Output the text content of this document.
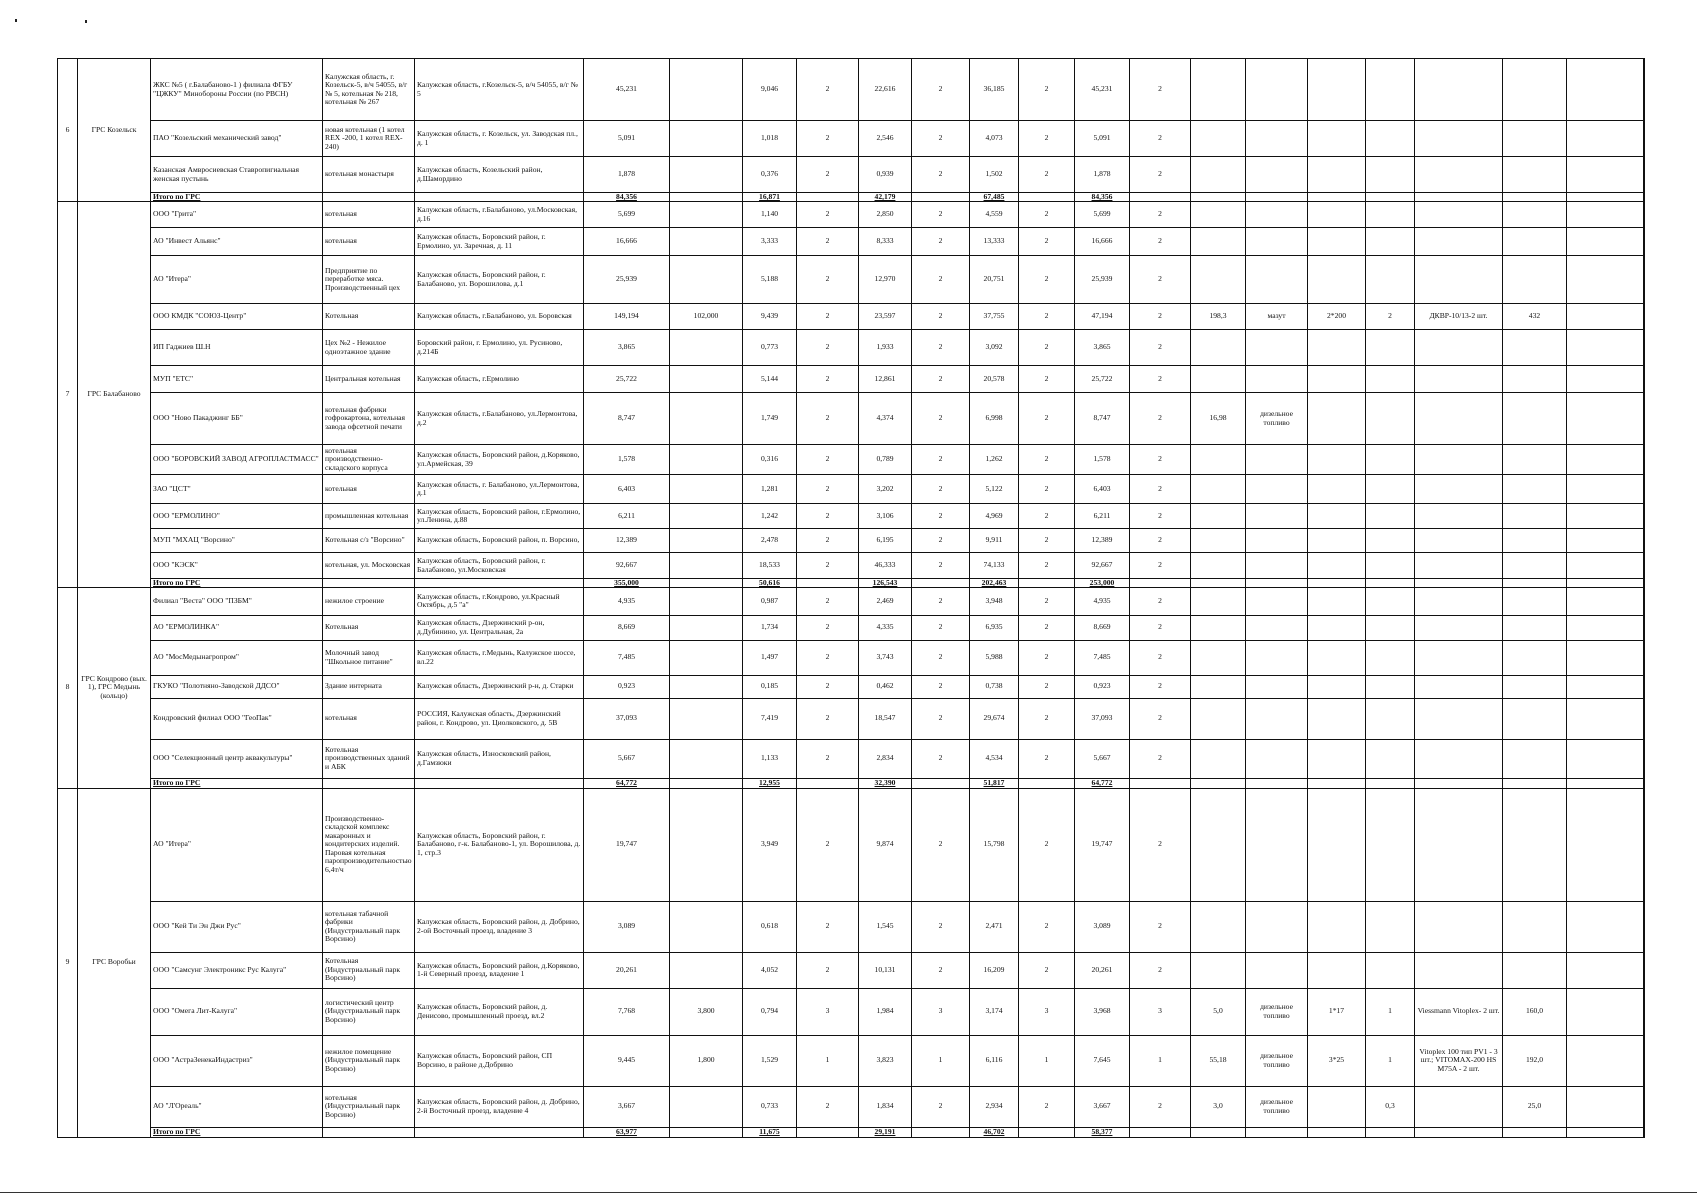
6	ГРС Козельск	ЖКС №5 ( г.Балабаново-1 ) филиала ФГБУ "ЦЖКУ" Минобороны России (по РВСН)	Калужская область, г. Козельск-5, в/ч 54055, в/г № 5, котельная № 218, котельная № 267	Калужская область, г.Козельск-5, в/ч 54055, в/г № 5	45,231		9,046	2	22,616	2	36,185	2	45,231	2							

		ПАО "Козельский механический завод"	новая котельная (1 котел REX -200, 1 котел REX-240)	Калужская область, г. Козельск, ул. Заводская пл., д. 1	5,091		1,018	2	2,546	2	4,073	2	5,091	2							

		Казанская Амвросиевская Ставропигиальная женская пустынь	котельная монастыря	Калужская область, Козельский район, д.Шамордино	1,878		0,376	2	0,939	2	1,502	2	1,878	2							

		Итого по ГРС			84,356		16,871		42,179		67,485		84,356								

7	ГРС Балабаново	ООО "Грита"	котельная	Калужская область, г.Балабаново, ул.Московская, д.16	5,699		1,140	2	2,850	2	4,559	2	5,699	2							

		АО "Инвест Альянс"	котельная	Калужская область, Боровский район, г. Ермолино, ул. Заречная, д. 11	16,666		3,333	2	8,333	2	13,333	2	16,666	2							

		АО "Итера"	Предприятие по переработке мяса. Производственный цех	Калужская область, Боровский район, г. Балабаново, ул. Ворошилова, д.1	25,939		5,188	2	12,970	2	20,751	2	25,939	2							

		ООО КМДК "СОЮЗ-Центр"	Котельная	Калужская область, г.Балабаново, ул. Боровская	149,194	102,000	9,439	2	23,597	2	37,755	2	47,194	2	198,3	мазут	2*200	2	ДКВР-10/13-2 шт.	432	

		ИП Гаджиев Ш.Н	Цех №2 - Нежилое одноэтажное здание	Боровский район, г. Ермолино, ул. Русиново, д.214Б	3,865		0,773	2	1,933	2	3,092	2	3,865	2							

		МУП "ЕТС"	Центральная котельная	Калужская область, г.Ермолино	25,722		5,144	2	12,861	2	20,578	2	25,722	2							

		ООО "Ново Пакаджинг ББ"	котельная фабрики гофрокартона, котельная завода офсетной печати	Калужская область, г.Балабаново, ул.Лермонтова, д.2	8,747		1,749	2	4,374	2	6,998	2	8,747	2	16,98	дизельное топливо					

		ООО "БОРОВСКИЙ ЗАВОД АГРОПЛАСТМАСС"	котельная производственно-складского корпуса	Калужская область, Боровский район, д.Коряково, ул.Армейская, 39	1,578		0,316	2	0,789	2	1,262	2	1,578	2							

		ЗАО "ЦСТ"	котельная	Калужская область, г. Балабаново, ул.Лермонтова, д.1	6,403		1,281	2	3,202	2	5,122	2	6,403	2							

		ООО "ЕРМОЛИНО"	промышленная котельная	Калужская область, Боровский район, г.Ермолино, ул.Ленина, д.88	6,211		1,242	2	3,106	2	4,969	2	6,211	2							

		МУП "МХАЦ "Ворсино"	Котельная с/з "Ворсино"	Калужская область, Боровский район, п. Ворсино,	12,389		2,478	2	6,195	2	9,911	2	12,389	2							

		ООО "КЭСК"	котельная, ул. Московская	Калужская область, Боровский район, г. Балабаново, ул.Московская	92,667		18,533	2	46,333	2	74,133	2	92,667	2							

		Итого по ГРС			355,000		50,616		126,543		202,463		253,000								

8	ГРС Кондрово (вых. 1), ГРС Медынь (кольцо)	Филиал "Веста" ООО "ПЗБМ"	нежилое строение	Калужская область, г.Кондрово, ул.Красный Октябрь, д.5 "а"	4,935		0,987	2	2,469	2	3,948	2	4,935	2							

		АО "ЕРМОЛИНКА"	Котельная	Калужская область, Дзержинский р-он, д.Дубинино, ул. Центральная, 2а	8,669		1,734	2	4,335	2	6,935	2	8,669	2							

		АО "МосМедынагропром"	Молочный завод "Школьное питание"	Калужская область, г.Медынь, Калужское шоссе, вл.22	7,485		1,497	2	3,743	2	5,988	2	7,485	2							

		ГКУКО "Полотняно-Заводской ДДСО"	Здание интерната	Калужская область, Дзержинский р-н, д. Старки	0,923		0,185	2	0,462	2	0,738	2	0,923	2							

		Кондровский филиал ООО "ГеоПак"	котельная	РОССИЯ, Калужская область, Дзержинский район, г. Кондрово, ул. Циолковского, д. 5В	37,093		7,419	2	18,547	2	29,674	2	37,093	2							

		ООО "Селекционный центр аквакультуры"	Котельная производственных зданий и АБК	Калужская область, Износковский район, д.Гамзюки	5,667		1,133	2	2,834	2	4,534	2	5,667	2							

		Итого по ГРС			64,772		12,955		32,390		51,817		64,772								

9	ГРС Воробьи	АО "Итера"	Производственно-складской комплекс макаронных и кондитерских изделий. Паровая котельная паропроизводительностью 6,4т/ч	Калужская область, Боровский район, г. Балабаново, г-к. Балабаново-1, ул. Ворошилова, д. 1, стр.3	19,747		3,949	2	9,874	2	15,798	2	19,747	2							

		ООО "Кей Ти Эн Джи Рус"	котельная табачной фабрики (Индустриальный парк Ворсино)	Калужская область, Боровский район, д. Добрино, 2-ой Восточный проезд, владение 3	3,089		0,618	2	1,545	2	2,471	2	3,089	2							

		ООО "Самсунг Электроникс Рус Калуга"	Котельная (Индустриальный парк Ворсино)	Калужская область, Боровский район, д.Коряково, 1-й Северный проезд, владение 1	20,261		4,052	2	10,131	2	16,209	2	20,261	2							

		ООО "Омега Лит-Калуга"	логистический центр (Индустриальный парк Ворсино)	Калужская область, Боровский район, д. Денисово, промышленный проезд, вл.2	7,768	3,800	0,794	3	1,984	3	3,174	3	3,968	3	5,0	дизельное топливо	1*17	1	Viessmann Vitoplex- 2 шт.	160,0	

		ООО "АстраЗенекаИндастриз"	нежилое помещение (Индустриальный парк Ворсино)	Калужская область, Боровский район, СП Ворсино, в районе д.Добрино	9,445	1,800	1,529	1	3,823	1	6,116	1	7,645	1	55,18	дизельное топливо	3*25	1	Vitoplex 100 тип PV1 - 3 шт.; VITOMAX-200 HS M75A - 2 шт.	192,0	

		АО "Л'Ореаль"	котельная (Индустриальный парк Ворсино)	Калужская область, Боровский район, д. Добрино, 2-й Восточный проезд, владение 4	3,667		0,733	2	1,834	2	2,934	2	3,667	2	3,0	дизельное топливо		0,3		25,0	

		Итого по ГРС			63,977		11,675		29,191		46,702		58,377								
